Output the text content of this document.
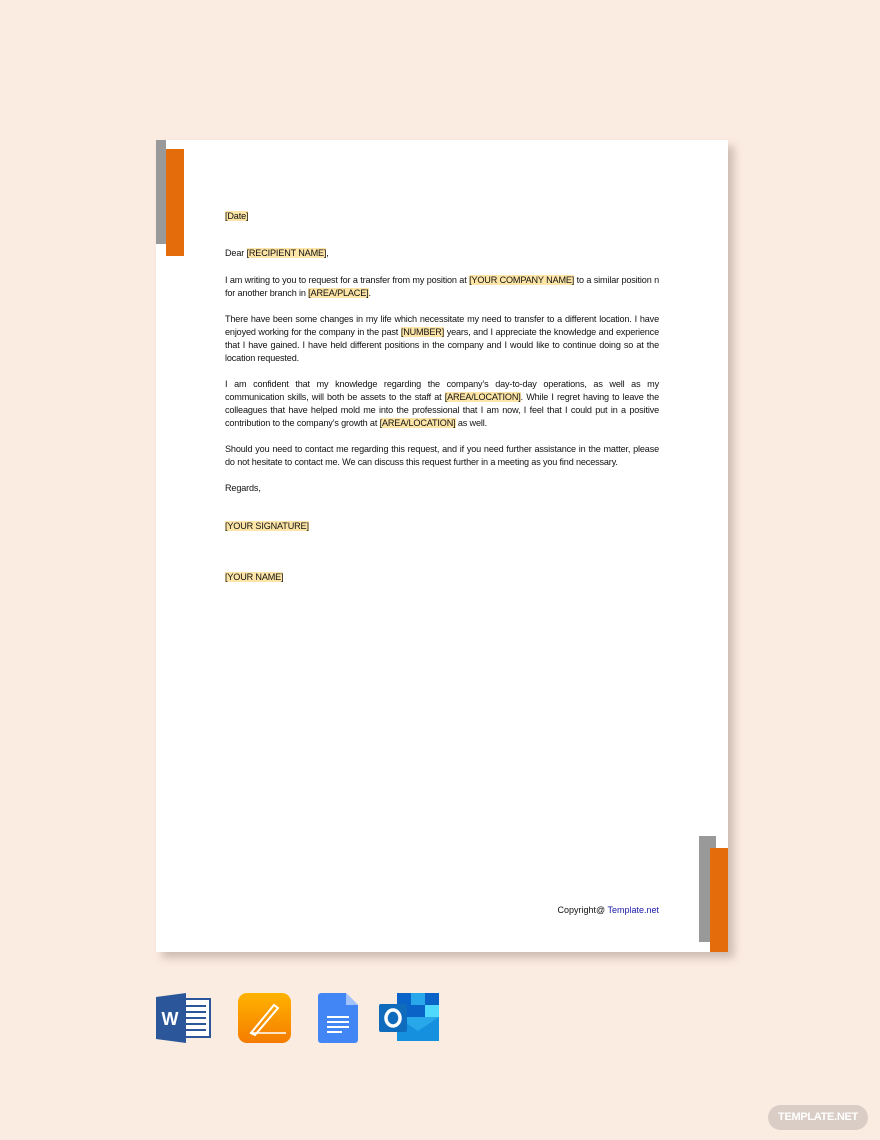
[Date]

Dear [RECIPIENT NAME],

I am writing to you to request for a transfer from my position at [YOUR COMPANY NAME] to a similar position n for another branch in [AREA/PLACE].

There have been some changes in my life which necessitate my need to transfer to a different location. I have enjoyed working for the company in the past [NUMBER] years, and I appreciate the knowledge and experience that I have gained. I have held different positions in the company and I would like to continue doing so at the location requested.

I am confident that my knowledge regarding the company’s day-to-day operations, as well as my communication skills, will both be assets to the staff at [AREA/LOCATION]. While I regret having to leave the colleagues that have helped mold me into the professional that I am now, I feel that I could put in a positive contribution to the company’s growth at [AREA/LOCATION] as well.

Should you need to contact me regarding this request, and if you need further assistance in the matter, please do not hesitate to contact me. We can discuss this request further in a meeting as you find necessary.

Regards,

[YOUR SIGNATURE]

[YOUR NAME]

Copyright@ Template.net
W
TEMPLATE.NET
